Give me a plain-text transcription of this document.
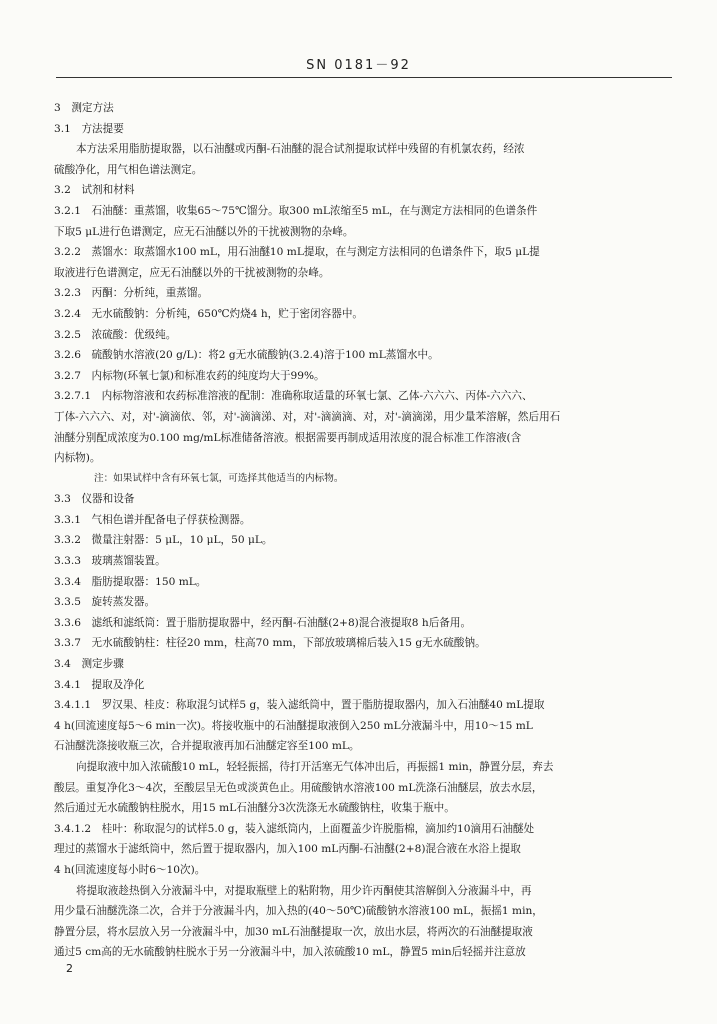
SN 0181－92
3　测定方法
3.1　方法提要
本方法采用脂肪提取器，以石油醚或丙酮-石油醚的混合试剂提取试样中残留的有机氯农药，经浓
硫酸净化，用气相色谱法测定。
3.2　试剂和材料
3.2.1　石油醚：重蒸馏，收集65～75℃馏分。取300 mL浓缩至5 mL，在与测定方法相同的色谱条件
下取5 μL进行色谱测定，应无石油醚以外的干扰被测物的杂峰。
3.2.2　蒸馏水：取蒸馏水100 mL，用石油醚10 mL提取，在与测定方法相同的色谱条件下，取5 μL提
取液进行色谱测定，应无石油醚以外的干扰被测物的杂峰。
3.2.3　丙酮：分析纯，重蒸馏。
3.2.4　无水硫酸钠：分析纯，650℃灼烧4 h，贮于密闭容器中。
3.2.5　浓硫酸：优级纯。
3.2.6　硫酸钠水溶液(20 g/L)：将2 g无水硫酸钠(3.2.4)溶于100 mL蒸馏水中。
3.2.7　内标物(环氧七氯)和标准农药的纯度均大于99%。
3.2.7.1　内标物溶液和农药标准溶液的配制：准确称取适量的环氧七氯、乙体-六六六、丙体-六六六、
丁体-六六六、对，对'-滴滴依、邻，对'-滴滴涕、对，对'-滴滴滴、对，对'-滴滴涕，用少量苯溶解，然后用石
油醚分别配成浓度为0.100 mg/mL标准储备溶液。根据需要再制成适用浓度的混合标准工作溶液(含
内标物)。
注：如果试样中含有环氧七氯，可选择其他适当的内标物。
3.3　仪器和设备
3.3.1　气相色谱并配备电子俘获检测器。
3.3.2　微量注射器：5 μL，10 μL，50 μL。
3.3.3　玻璃蒸馏装置。
3.3.4　脂肪提取器：150 mL。
3.3.5　旋转蒸发器。
3.3.6　滤纸和滤纸筒：置于脂肪提取器中，经丙酮-石油醚(2+8)混合液提取8 h后备用。
3.3.7　无水硫酸钠柱：柱径20 mm，柱高70 mm，下部放玻璃棉后装入15 g无水硫酸钠。
3.4　测定步骤
3.4.1　提取及净化
3.4.1.1　罗汉果、桂皮：称取混匀试样5 g，装入滤纸筒中，置于脂肪提取器内，加入石油醚40 mL提取
4 h(回流速度每5～6 min一次)。将接收瓶中的石油醚提取液倒入250 mL分液漏斗中，用10～15 mL
石油醚洗涤接收瓶三次，合并提取液再加石油醚定容至100 mL。
向提取液中加入浓硫酸10 mL，轻轻振摇，待打开活塞无气体冲出后，再振摇1 min，静置分层，弃去
酸层。重复净化3～4次，至酸层呈无色或淡黄色止。用硫酸钠水溶液100 mL洗涤石油醚层，放去水层，
然后通过无水硫酸钠柱脱水，用15 mL石油醚分3次洗涤无水硫酸钠柱，收集于瓶中。
3.4.1.2　桂叶：称取混匀的试样5.0 g，装入滤纸筒内，上面覆盖少许脱脂棉，滴加约10滴用石油醚处
理过的蒸馏水于滤纸筒中，然后置于提取器内，加入100 mL丙酮-石油醚(2+8)混合液在水浴上提取
4 h(回流速度每小时6～10次)。
将提取液趁热倒入分液漏斗中，对提取瓶壁上的粘附物，用少许丙酮使其溶解倒入分液漏斗中，再
用少量石油醚洗涤二次，合并于分液漏斗内，加入热的(40～50℃)硫酸钠水溶液100 mL，振摇1 min，
静置分层，将水层放入另一分液漏斗中，加30 mL石油醚提取一次，放出水层，将两次的石油醚提取液
通过5 cm高的无水硫酸钠柱脱水于另一分液漏斗中，加入浓硫酸10 mL，静置5 min后轻摇并注意放
2
